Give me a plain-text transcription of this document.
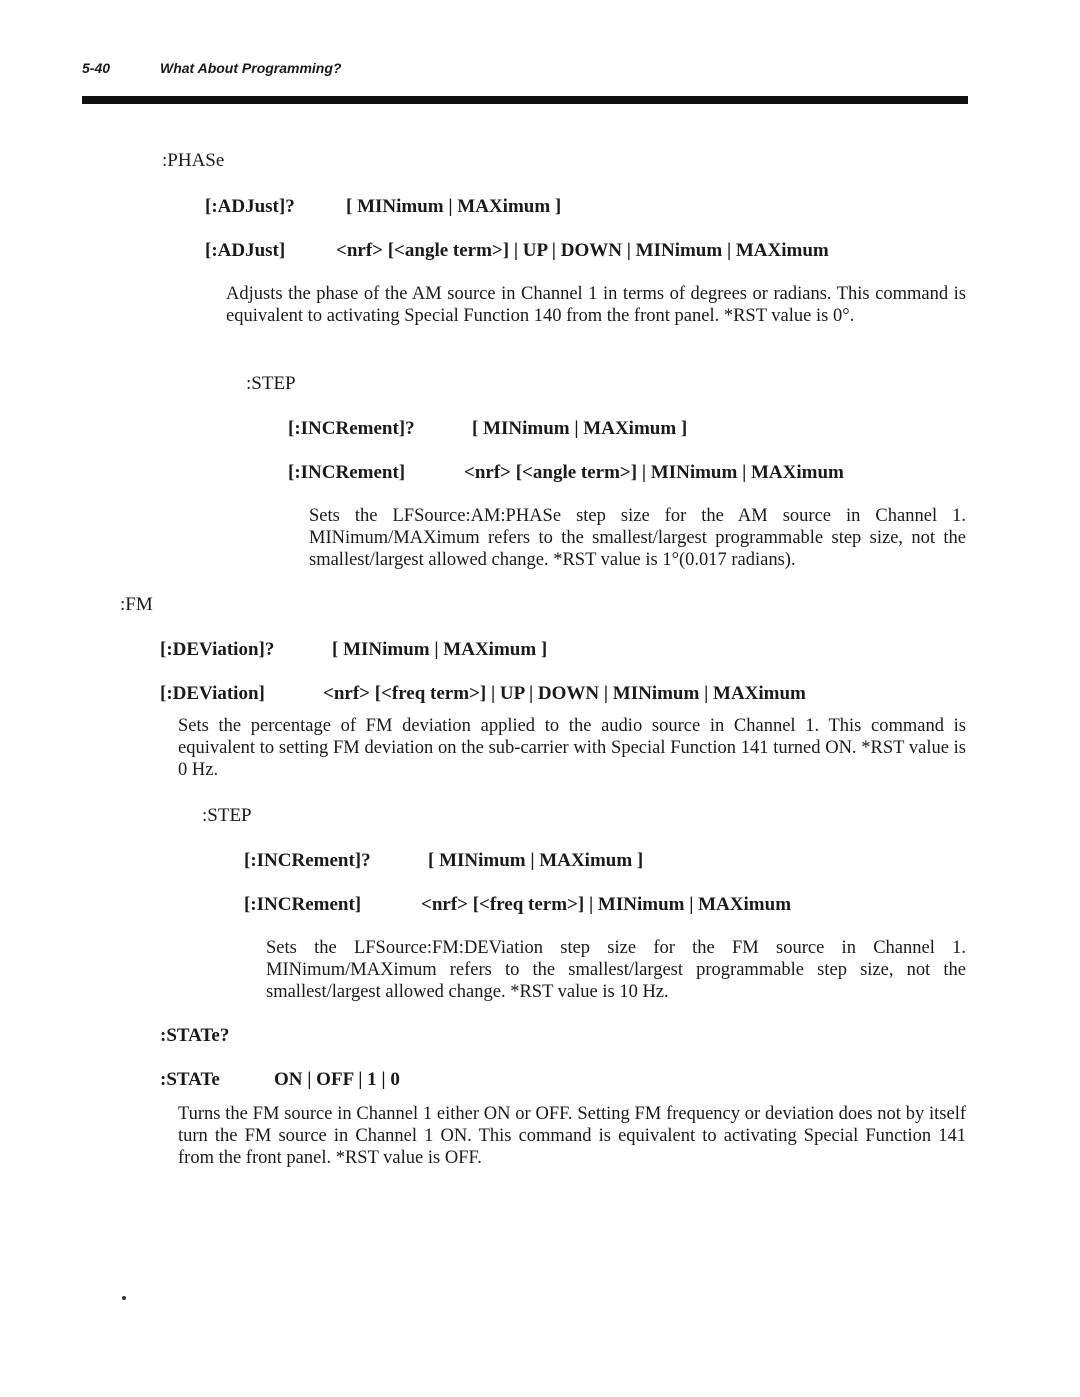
5-40	What About Programming?
:PHASe
[:ADJust]?	[ MINimum | MAXimum ]
[:ADJust]	<nrf> [<angle term>] | UP | DOWN | MINimum | MAXimum
Adjusts the phase of the AM source in Channel 1 in terms of degrees or radians. This command is equivalent to activating Special Function 140 from the front panel. *RST value is 0°.
:STEP
[:INCRement]?	[ MINimum | MAXimum ]
[:INCRement]	<nrf> [<angle term>] | MINimum | MAXimum
Sets the LFSource:AM:PHASe step size for the AM source in Channel 1. MINimum/MAXimum refers to the smallest/largest programmable step size, not the smallest/largest allowed change. *RST value is 1°(0.017 radians).
:FM
[:DEViation]?	[ MINimum | MAXimum ]
[:DEViation]	<nrf> [<freq term>] | UP | DOWN | MINimum | MAXimum
Sets the percentage of FM deviation applied to the audio source in Channel 1. This command is equivalent to setting FM deviation on the sub-carrier with Special Function 141 turned ON. *RST value is 0 Hz.
:STEP
[:INCRement]?	[ MINimum | MAXimum ]
[:INCRement]	<nrf> [<freq term>] | MINimum | MAXimum
Sets the LFSource:FM:DEViation step size for the FM source in Channel 1. MINimum/MAXimum refers to the smallest/largest programmable step size, not the smallest/largest allowed change. *RST value is 10 Hz.
:STATe?
:STATe	ON | OFF | 1 | 0
Turns the FM source in Channel 1 either ON or OFF. Setting FM frequency or deviation does not by itself turn the FM source in Channel 1 ON. This command is equivalent to activating Special Function 141 from the front panel. *RST value is OFF.
